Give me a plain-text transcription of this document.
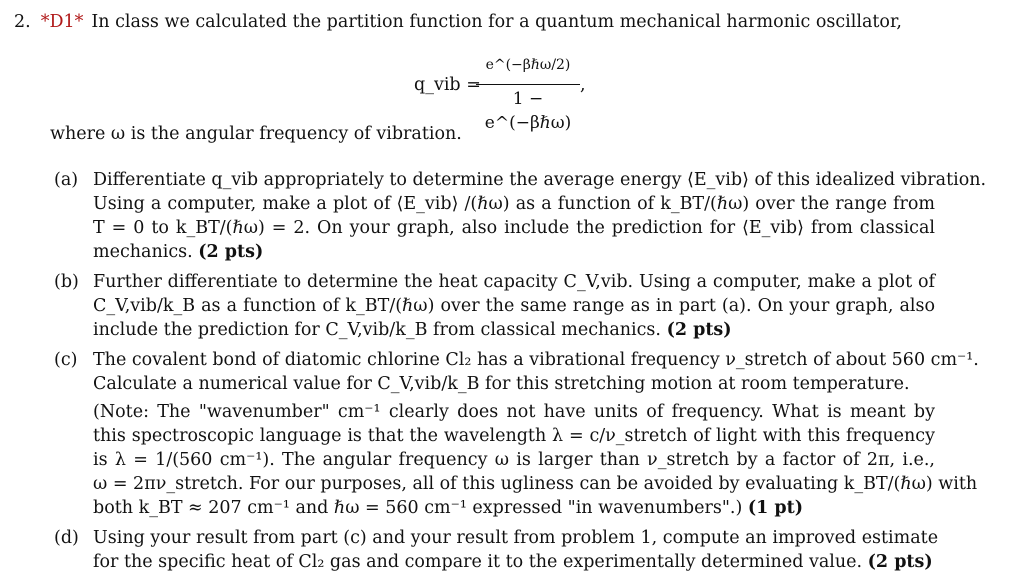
2. *D1* In class we calculated the partition function for a quantum mechanical harmonic oscillator,
q_vib =
e^(−βℏω/2)
1 − e^(−βℏω)
,
where ω is the angular frequency of vibration.
(a) Differentiate q_vib appropriately to determine the average energy ⟨E_vib⟩ of this idealized vibration.
Using a computer, make a plot of ⟨E_vib⟩ /(ℏω) as a function of k_BT/(ℏω) over the range from
T = 0 to k_BT/(ℏω) = 2. On your graph, also include the prediction for ⟨E_vib⟩ from classical
mechanics. (2 pts)
(b) Further differentiate to determine the heat capacity C_V,vib. Using a computer, make a plot of
C_V,vib/k_B as a function of k_BT/(ℏω) over the same range as in part (a). On your graph, also
include the prediction for C_V,vib/k_B from classical mechanics. (2 pts)
(c) The covalent bond of diatomic chlorine Cl₂ has a vibrational frequency ν_stretch of about 560 cm⁻¹.
Calculate a numerical value for C_V,vib/k_B for this stretching motion at room temperature.
(Note: The "wavenumber" cm⁻¹ clearly does not have units of frequency. What is meant by
this spectroscopic language is that the wavelength λ = c/ν_stretch of light with this frequency
is λ = 1/(560 cm⁻¹). The angular frequency ω is larger than ν_stretch by a factor of 2π, i.e.,
ω = 2πν_stretch. For our purposes, all of this ugliness can be avoided by evaluating k_BT/(ℏω) with
both k_BT ≈ 207 cm⁻¹ and ℏω = 560 cm⁻¹ expressed "in wavenumbers".) (1 pt)
(d) Using your result from part (c) and your result from problem 1, compute an improved estimate
for the specific heat of Cl₂ gas and compare it to the experimentally determined value. (2 pts)
